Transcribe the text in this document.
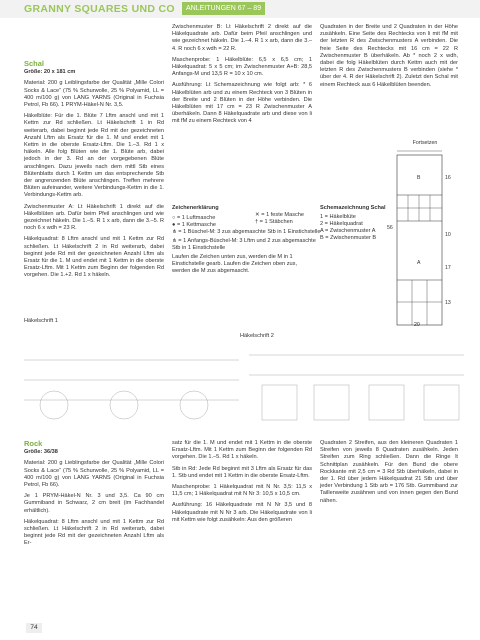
GRANNY SQUARES UND CO	ANLEITUNGEN 67 – 89
Schal

Größe: 20 x 181 cm

Material: 200 g Leiblingsfarbe der Qualität „Mille Colori Socks & Lace“ (75 % Schurwolle, 25 % Polyamid, LL = 400 m/100 g) von LANG YARNS (Original in Fuchsia Petrol, Fb 66). 1 PRYM-Häkel-N Nr. 3,5.

Häkelblüte: Für die 1. Blüte 7 Lftm anschl und mit 1 Kettm zur Rd schließen. Lt Häkelschrift 1 in Rd weiterarb, dabei beginnt jede Rd mit der gezeichneten Anzahl Lftm als Ersatz für die 1. M und endet mit 1 Kettm in die oberste Ersatz-Lftm. Die 1.–3. Rd 1 x häkeln. Alle folg Blüten wie die 1. Blüte arb, dabei jedoch in der 3. Rd an der vorgegebenen Blüte anschlingen. Dazu jeweils nach dem mittl Stb eines Blütenblatts durch 1 Kettm um das entsprechende Stb der angrenzenden Blüte anschlingen. Treffen mehrere Blüten aufeinander, weitere Verbindungs-Kettm in die 1. Verbindungs-Kettm arb.

Zwischenmuster A: Lt Häkelschrift 1 direkt auf die Häkelblüten arb. Dafür beim Pfeil anschlingen und wie gezeichnet häkeln. Die 1.–5. R 1 x arb, dann die 3.–5. R noch 6 x wdh = 23 R.

Häkelquadrat: 8 Lftm anschl und mit 1 Kettm zur Rd schließen. Lt Häkelschrift 2 in Rd weiterarb, dabei beginnt jede Rd mit der gezeichneten Anzahl Lftm als Ersatz für die 1. M und endet mit 1 Kettm in die oberste Ersatz-Lftm. Mit 1 Kettm zum Beginn der folgenden Rd vorgehen. Die 1.+2. Rd 1 x häkeln.

Zwischenmuster B: Lt Häkelschrift 2 direkt auf die Häkelquadrate arb. Dafür beim Pfeil anschlingen und wie gezeichnet häkeln. Die 1.–4. R 1 x arb, dann die 3.–4. R noch 6 x wdh = 22 R.

Maschenprobe: 1 Häkelblüte: 6,5 x 6,5 cm; 1 Häkelquadrat: 5 x 5 cm; im Zwischenmuster A+B: 28,5 Anfangs-M und 13,5 R = 10 x 10 cm.

Ausführung: Lt Schemazeichnung wie folgt arb: * 6 Häkelblüten arb und zu einem Rechteck von 3 Blüten in der Breite und 2 Blüten in der Höhe verbinden. Die Häkelblüten mit 17 cm = 23 R Zwischenmuster A überhäkeln. Dann 8 Häkelquadrate arb und diese von li mit fM zu einem Rechteck von 4

Quadraten in der Breite und 2 Quadraten in der Höhe zusähkeln. Eine Seite des Rechtecks von li mit fM mit der letzten R des Zwischenmusters A verbinden. Die freie Seite des Rechtecks mit 16 cm = 22 R Zwischenmuster B überhäkeln. Ab * noch 2 x wdh, dabei die folg Häkelblüten durch Kettm auch mit der letzten R des Zwischenmusters B verbinden (siehe * über der 4. R der Häkelschrift 2). Zuletzt den Schal mit einem Rechteck aus 6 Häkelblüten beenden.

Zeichenerklärung
○ = 1 Luftmasche
● = 1 Kettmasche
⋔ = 1 Büschel-M: 3 zus abgemaschte Stb in 1 Einstichstelle
⋔ = 1 Anfangs-Büschel-M: 3 Lftm und 2 zus abgemaschte Stb in 1 Einstichstelle
Laufen die Zeichen unten zus, werden die M in 1 Einstichstelle gearb. Laufen die Zeichen oben zus, werden die M zus abgemascht.
✕ = 1 feste Masche
† = 1 Stäbchen
Schemazeichnung Schal
1 = Häkelblüte
2 = Häkelquadrat
A = Zwischenmuster A
B = Zwischenmuster B
Fortsetzen
B
A
16
10
17
13
56
20
Häkelschrift 1
Häkelschrift 2
Rock

Größe: 36/38

Material: 200 g Lieblingsfarbe der Qualität „Mille Colori Socks & Lace“ (75 % Schurwolle, 25 % Polyamid, LL = 400 m/100 g) von LANG YARNS (Original in Fuchsia Petrol, Fb 66).

Je 1 PRYM-Häkel-N Nr. 3 und 3,5. Ca 90 cm Gummiband in Schwarz, 2 cm breit (im Fachhandel erhältlich).

Häkelquadrat: 8 Lftm anschl und mit 1 Kettm zur Rd schließen. Lt Häkelschrift 2 in Rd weiterarb, dabei beginnt jede Rd mit der gezeichneten Anzahl Lftm als Er-

satz für die 1. M und endet mit 1 Kettm in die oberste Ersatz-Lftm. Mit 1 Kettm zum Beginn der folgenden Rd vorgehen. Die 1.–5. Rd 1 x häkeln.

Stb in Rd: Jede Rd beginnt mit 3 Lftm als Ersatz für das 1. Stb und endet mit 1 Kettm in die oberste Ersatz-Lftm.

Maschenprobe: 1 Häkelquadrat mit N Nr. 3,5: 11,5 x 11,5 cm; 1 Häkelquadrat mit N Nr 3: 10,5 x 10,5 cm.

Ausführung: 16 Häkelquadrate mit N Nr 3,5 und 8 Häkelquadrate mit N Nr 3 arb. Die Häkelquadrate von li mit Kettm wie folgt zusähkeln: Aus den größeren

Quadraten 2 Streifen, aus den kleineren Quadraten 1 Streifen von jeweils 8 Quadraten zusähkeln. Jeden Streifen zum Ring schließen. Dann die Ringe lt Schnittplan zusähkeln. Für den Bund die obere Rockkante mit 2,5 cm = 3 Rd Stb überhäkeln, dabei in der 1. Rd über jedem Häkelquadrat 21 Stb und über jeder Verbindung 1 Stb arb = 176 Stb. Gummiband zur Taillenweite zusähnen und von innen gegen den Bund nähen.

74
